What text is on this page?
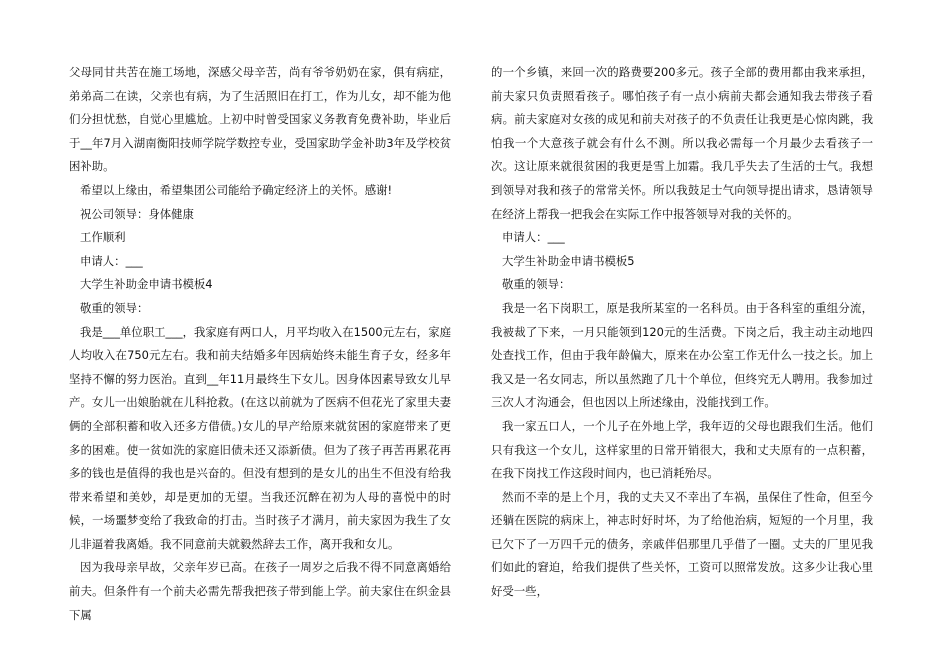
父母同甘共苦在施工场地，深感父母辛苦，尚有爷爷奶奶在家，俱有病症，弟弟高二在读，父亲也有病，为了生活照旧在打工，作为儿女，却不能为他们分担忧愁，自觉心里尴尬。上初中时曾受国家义务教育免费补助，毕业后于__年7月入湖南衡阳技师学院学数控专业，受国家助学金补助3年及学校贫困补助。

希望以上缘由，希望集团公司能给予确定经济上的关怀。感谢!

祝公司领导：身体健康

工作顺利

申请人：___

大学生补助金申请书模板4

敬重的领导：

我是___单位职工___，我家庭有两口人，月平均收入在1500元左右，家庭人均收入在750元左右。我和前夫结婚多年因病始终未能生育子女，经多年坚持不懈的努力医治。直到__年11月最终生下女儿。因身体因素导致女儿早产。女儿一出娘胎就在儿科抢救。(在这以前就为了医病不但花光了家里夫妻俩的全部积蓄和收入还多方借债。)女儿的早产给原来就贫困的家庭带来了更多的困难。使一贫如洗的家庭旧债未还又添新债。但为了孩子再苦再累花再多的钱也是值得的我也是兴奋的。但没有想到的是女儿的出生不但没有给我带来希望和美妙，却是更加的无望。当我还沉醉在初为人母的喜悦中的时候，一场噩梦变给了我致命的打击。当时孩子才满月，前夫家因为我生了女儿非逼着我离婚。我不同意前夫就毅然辞去工作，离开我和女儿。

因为我母亲早故，父亲年岁已高。在孩子一周岁之后我不得不同意离婚给前夫。但条件有一个前夫必需先帮我把孩子带到能上学。前夫家住在织金县下属

的一个乡镇，来回一次的路费要200多元。孩子全部的费用都由我来承担，前夫家只负责照看孩子。哪怕孩子有一点小病前夫都会通知我去带孩子看病。前夫家庭对女孩的成见和前夫对孩子的不负责任让我更是心惊肉跳，我怕我一个大意孩子就会有什么不测。所以我必需每一个月最少去看孩子一次。这让原来就很贫困的我更是雪上加霜。我几乎失去了生活的士气。我想到领导对我和孩子的常常关怀。所以我鼓足士气向领导提出请求，恳请领导在经济上帮我一把我会在实际工作中报答领导对我的关怀的。

申请人：___

大学生补助金申请书模板5

敬重的领导：

我是一名下岗职工，原是我所某室的一名科员。由于各科室的重组分流，我被裁了下来，一月只能领到120元的生活费。下岗之后，我主动主动地四处查找工作，但由于我年龄偏大，原来在办公室工作无什么一技之长。加上我又是一名女同志，所以虽然跑了几十个单位，但终究无人聘用。我参加过三次人才沟通会，但也因以上所述缘由，没能找到工作。

我一家五口人，一个儿子在外地上学，我年迈的父母也跟我们生活。他们只有我这一个女儿，这样家里的日常开销很大，我和丈夫原有的一点积蓄，在我下岗找工作这段时间内，也已消耗殆尽。

然而不幸的是上个月，我的丈夫又不幸出了车祸，虽保住了性命，但至今还躺在医院的病床上，神志时好时坏，为了给他治病，短短的一个月里，我已欠下了一万四千元的债务，亲戚伴侣那里几乎借了一圈。丈夫的厂里见我们如此的窘迫，给我们提供了些关怀，工资可以照常发放。这多少让我心里好受一些，
